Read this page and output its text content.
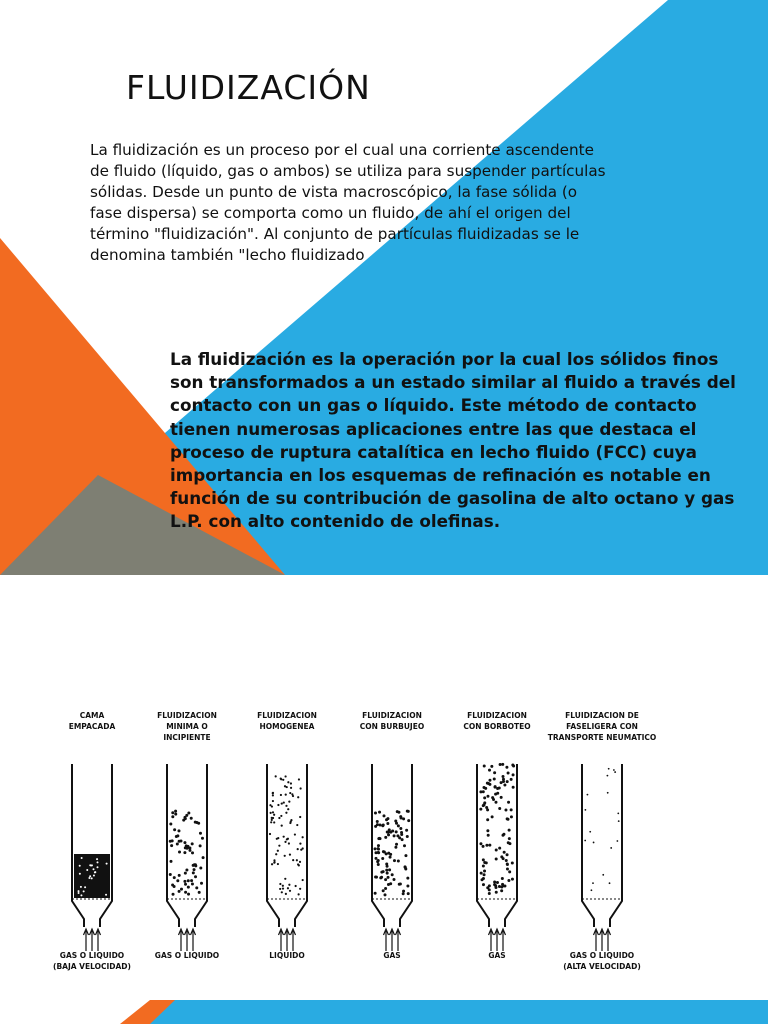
FLUIDIZACIÓN
La fluidización es un proceso por el cual una corriente ascendente de fluido (líquido, gas o ambos) se utiliza para suspender partículas sólidas. Desde un punto de vista macroscópico, la fase sólida (o fase dispersa) se comporta como un fluido, de ahí el origen del término "fluidización". Al conjunto de partículas fluidizadas se le denomina también "lecho fluidizado
La fluidización es la operación por la cual los sólidos finos son transformados a un estado similar al fluido a través del contacto con un gas o líquido. Este método de contacto tienen numerosas aplicaciones entre las que destaca el proceso de ruptura catalítica en lecho fluido (FCC) cuya importancia en los esquemas de refinación es notable en función de su contribución de gasolina de alto octano y gas L.P. con alto contenido de olefinas.
CAMA
EMPACADA
GAS O LIQUIDO
(BAJA VELOCIDAD)
FLUIDIZACION
MINIMA O
INCIPIENTE
GAS O LIQUIDO
FLUIDIZACION
HOMOGENEA
LIQUIDO
FLUIDIZACION
CON BURBUJEO
GAS
FLUIDIZACION
CON BORBOTEO
GAS
FLUIDIZACION DE
FASELIGERA CON
TRANSPORTE NEUMATICO
GAS O LIQUIDO
(ALTA VELOCIDAD)
